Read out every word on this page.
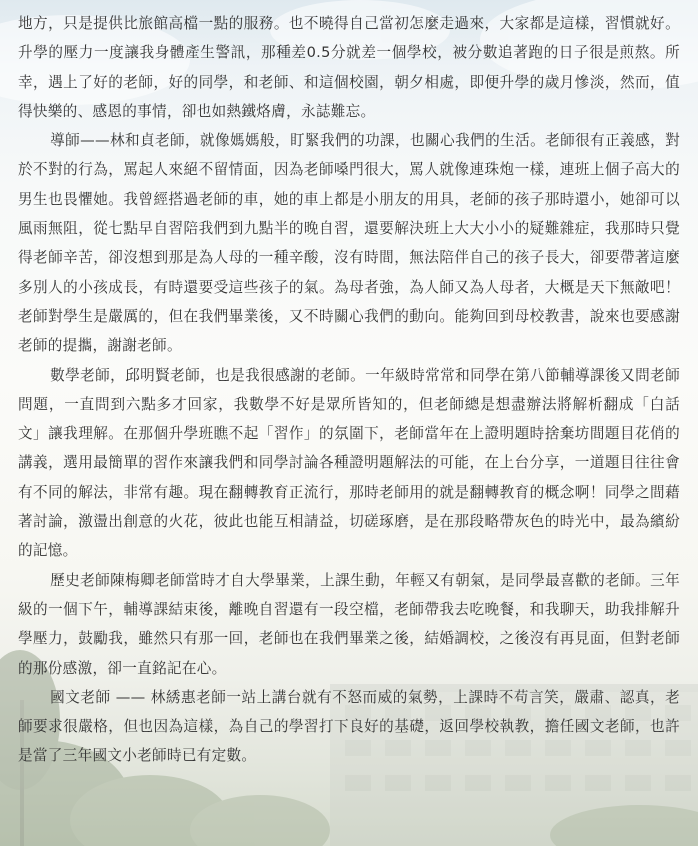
地方，只是提供比旅館高檔一點的服務。也不曉得自己當初怎麼走過來，大家都是這樣，習慣就好。升學的壓力一度讓我身體產生警訊，那種差0.5分就差一個學校，被分數追著跑的日子很是煎熬。所幸，遇上了好的老師，好的同學，和老師、和這個校園，朝夕相處，即便升學的歲月慘淡，然而，值得快樂的、感恩的事情，卻也如熱鐵烙膚，永誌難忘。

導師——林和貞老師，就像媽媽般，盯緊我們的功課，也關心我們的生活。老師很有正義感，對於不對的行為，罵起人來絕不留情面，因為老師嗓門很大，罵人就像連珠炮一樣，連班上個子高大的男生也畏懼她。我曾經搭過老師的車，她的車上都是小朋友的用具，老師的孩子那時還小，她卻可以風雨無阻，從七點早自習陪我們到九點半的晚自習，還要解決班上大大小小的疑難雜症，我那時只覺得老師辛苦，卻沒想到那是為人母的一種辛酸，沒有時間，無法陪伴自己的孩子長大，卻要帶著這麼多別人的小孩成長，有時還要受這些孩子的氣。為母者強，為人師又為人母者，大概是天下無敵吧！老師對學生是嚴厲的，但在我們畢業後，又不時關心我們的動向。能夠回到母校教書，說來也要感謝老師的提攜，謝謝老師。

數學老師，邱明賢老師，也是我很感謝的老師。一年級時常常和同學在第八節輔導課後又問老師問題，一直問到六點多才回家，我數學不好是眾所皆知的，但老師總是想盡辦法將解析翻成「白話文」讓我理解。在那個升學班瞧不起「習作」的氛圍下，老師當年在上證明題時捨棄坊間題目花俏的講義，選用最簡單的習作來讓我們和同學討論各種證明題解法的可能，在上台分享，一道題目往往會有不同的解法，非常有趣。現在翻轉教育正流行，那時老師用的就是翻轉教育的概念啊！同學之間藉著討論，激盪出創意的火花，彼此也能互相請益，切磋琢磨，是在那段略帶灰色的時光中，最為繽紛的記憶。

歷史老師陳梅卿老師當時才自大學畢業，上課生動，年輕又有朝氣，是同學最喜歡的老師。三年級的一個下午，輔導課結束後，離晚自習還有一段空檔，老師帶我去吃晚餐，和我聊天，助我排解升學壓力，鼓勵我，雖然只有那一回，老師也在我們畢業之後，結婚調校，之後沒有再見面，但對老師的那份感激，卻一直銘記在心。

國文老師 —— 林綉惠老師一站上講台就有不怒而威的氣勢，上課時不苟言笑，嚴肅、認真，老師要求很嚴格，但也因為這樣，為自己的學習打下良好的基礎，返回學校執教，擔任國文老師，也許是當了三年國文小老師時已有定數。
